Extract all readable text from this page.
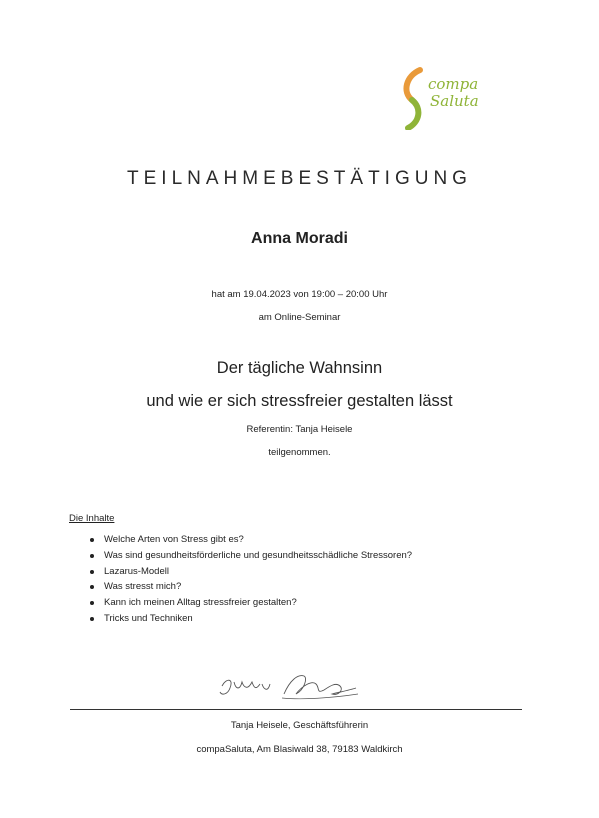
compa
Saluta
TEILNAHMEBESTÄTIGUNG
Anna Moradi
hat am 19.04.2023 von 19:00 – 20:00 Uhr
am Online-Seminar
Der tägliche Wahnsinn
und wie er sich stressfreier gestalten lässt
Referentin: Tanja Heisele
teilgenommen.
Die Inhalte
Welche Arten von Stress gibt es?
Was sind gesundheitsförderliche und gesundheitsschädliche Stressoren?
Lazarus-Modell
Was stresst mich?
Kann ich meinen Alltag stressfreier gestalten?
Tricks und Techniken
Tanja Heisele, Geschäftsführerin
compaSaluta, Am Blasiwald 38, 79183 Waldkirch
